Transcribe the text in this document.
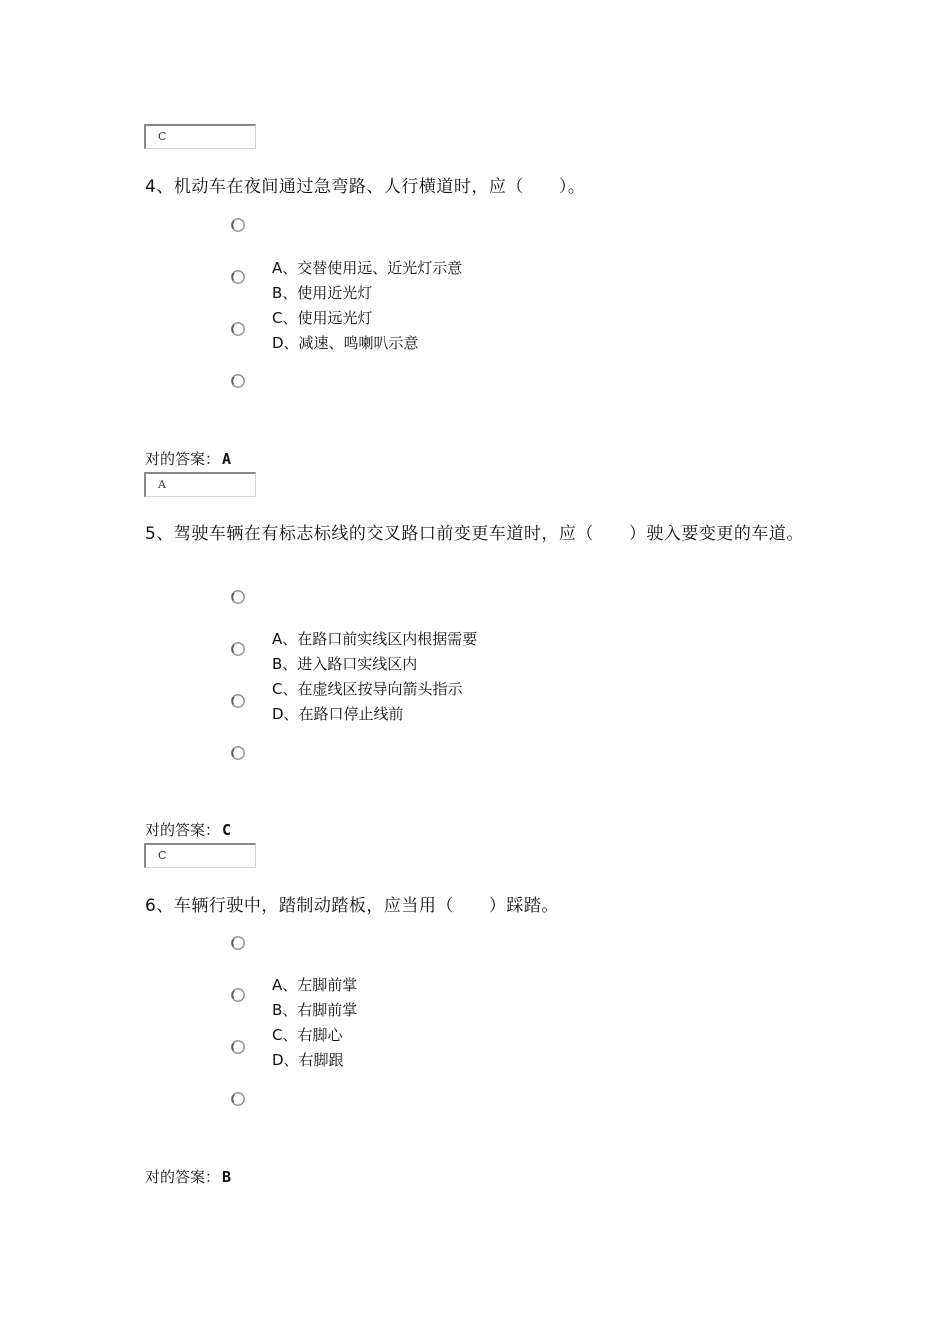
C
4、机动车在夜间通过急弯路、人行横道时，应（　　）。
A、交替使用远、近光灯示意
B、使用近光灯
C、使用远光灯
D、减速、鸣喇叭示意
对的答案： A
A
5、驾驶车辆在有标志标线的交叉路口前变更车道时，应（　　）驶入要变更的车道。
A、在路口前实线区内根据需要
B、进入路口实线区内
C、在虚线区按导向箭头指示
D、在路口停止线前
对的答案： C
C
6、车辆行驶中，踏制动踏板，应当用（　　）踩踏。
A、左脚前掌
B、右脚前掌
C、右脚心
D、右脚跟
对的答案： B
